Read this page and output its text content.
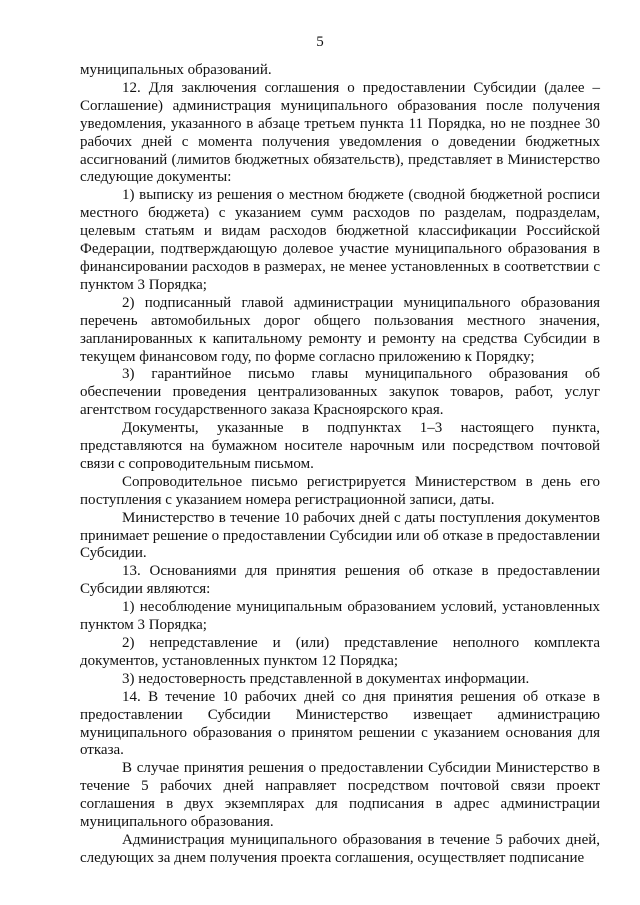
5

муниципальных образований.

12. Для заключения соглашения о предоставлении Субсидии (далее – Соглашение) администрация муниципального образования после получения уведомления, указанного в абзаце третьем пункта 11 Порядка, но не позднее 30 рабочих дней с момента получения уведомления о доведении бюджетных ассигнований (лимитов бюджетных обязательств), представляет в Министерство следующие документы:

1) выписку из решения о местном бюджете (сводной бюджетной росписи местного бюджета) с указанием сумм расходов по разделам, подразделам, целевым статьям и видам расходов бюджетной классификации Российской Федерации, подтверждающую долевое участие муниципального образования в финансировании расходов в размерах, не менее установленных в соответствии с пунктом 3 Порядка;

2) подписанный главой администрации муниципального образования перечень автомобильных дорог общего пользования местного значения, запланированных к капитальному ремонту и ремонту на средства Субсидии в текущем финансовом году, по форме согласно приложению к Порядку;

3) гарантийное письмо главы муниципального образования об обеспечении проведения централизованных закупок товаров, работ, услуг агентством государственного заказа Красноярского края.

Документы, указанные в подпунктах 1–3 настоящего пункта, представляются на бумажном носителе нарочным или посредством почтовой связи с сопроводительным письмом.

Сопроводительное письмо регистрируется Министерством в день его поступления с указанием номера регистрационной записи, даты.

Министерство в течение 10 рабочих дней с даты поступления документов принимает решение о предоставлении Субсидии или об отказе в предоставлении Субсидии.

13. Основаниями для принятия решения об отказе в предоставлении Субсидии являются:

1) несоблюдение муниципальным образованием условий, установленных пунктом 3 Порядка;

2) непредставление и (или) представление неполного комплекта документов, установленных пунктом 12 Порядка;

3) недостоверность представленной в документах информации.

14. В течение 10 рабочих дней со дня принятия решения об отказе в предоставлении Субсидии Министерство извещает администрацию муниципального образования о принятом решении с указанием основания для отказа.

В случае принятия решения о предоставлении Субсидии Министерство в течение 5 рабочих дней направляет посредством почтовой связи проект соглашения в двух экземплярах для подписания в адрес администрации муниципального образования.

Администрация муниципального образования в течение 5 рабочих дней, следующих за днем получения проекта соглашения, осуществляет подписание
